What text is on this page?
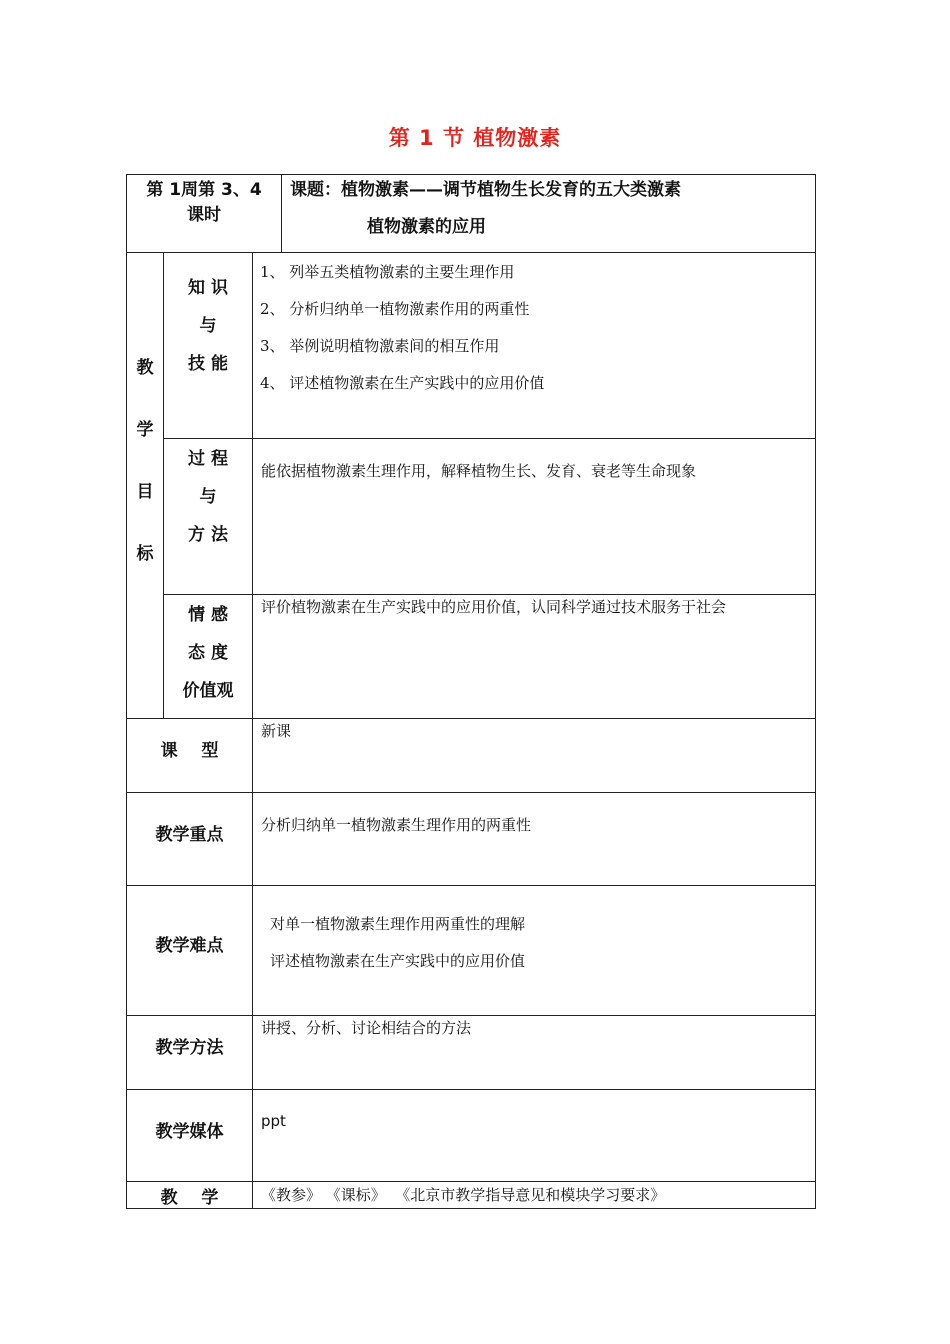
第 1 节 植物激素
第 1周第 3、4
课时
课题：植物激素——调节植物生长发育的五大类激素
植物激素的应用
教
学
目
标
知 识
与
技 能
1、 列举五类植物激素的主要生理作用
2、 分析归纳单一植物激素作用的两重性
3、 举例说明植物激素间的相互作用
4、 评述植物激素在生产实践中的应用价值
过 程
与
方 法
能依据植物激素生理作用，解释植物生长、发育、衰老等生命现象
情 感
态 度
价值观
评价植物激素在生产实践中的应用价值，认同科学通过技术服务于社会
课    型
新课
教学重点	分析归纳单一植物激素生理作用的两重性
教学难点
对单一植物激素生理作用两重性的理解
评述植物激素在生产实践中的应用价值
教学方法
讲授、分析、讨论相结合的方法
教学媒体
ppt
教    学	《教参》 《课标》  《北京市教学指导意见和模块学习要求》
